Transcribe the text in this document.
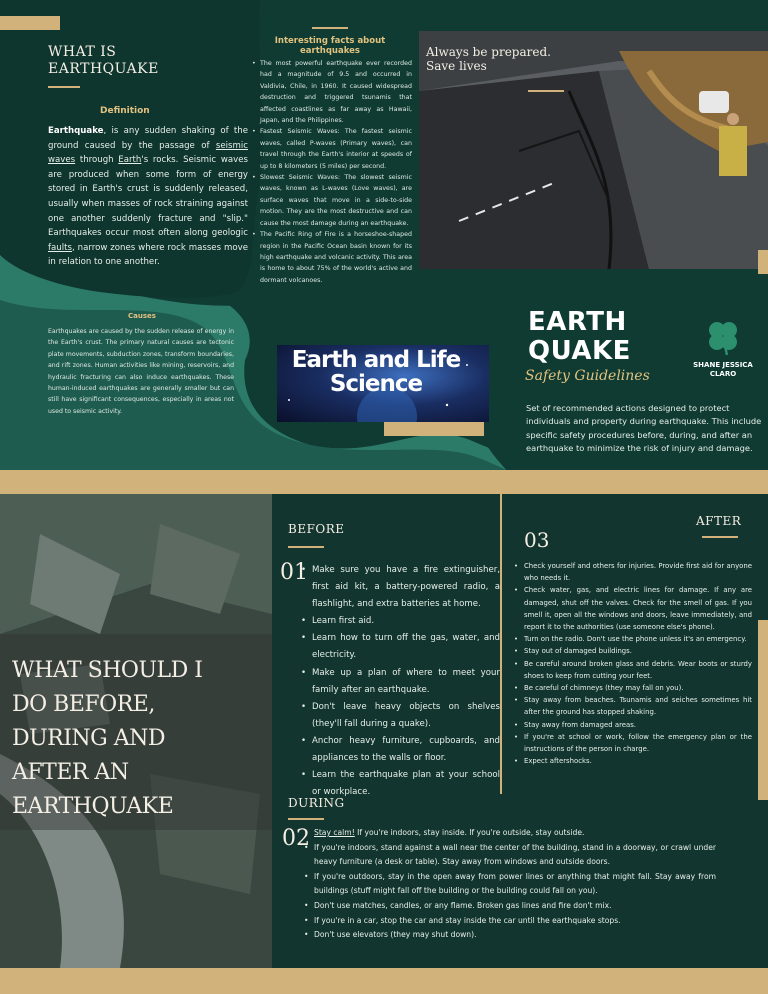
WHAT IS EARTHQUAKE
Definition
Earthquake, is any sudden shaking of the ground caused by the passage of seismic waves through Earth's rocks. Seismic waves are produced when some form of energy stored in Earth's crust is suddenly released, usually when masses of rock straining against one another suddenly fracture and "slip." Earthquakes occur most often along geologic faults, narrow zones where rock masses move in relation to one another.
Causes
Earthquakes are caused by the sudden release of energy in the Earth's crust. The primary natural causes are tectonic plate movements, subduction zones, transform boundaries, and rift zones. Human activities like mining, reservoirs, and hydraulic fracturing can also induce earthquakes. These human-induced earthquakes are generally smaller but can still have significant consequences, especially in areas not used to seismic activity.
Interesting facts about earthquakes
• The most powerful earthquake ever recorded had a magnitude of 9.5 and occurred in Valdivia, Chile, in 1960. It caused widespread destruction and triggered tsunamis that affected coastlines as far away as Hawaii, Japan, and the Philippines.
• Fastest Seismic Waves: The fastest seismic waves, called P-waves (Primary waves), can travel through the Earth's interior at speeds of up to 8 kilometers (5 miles) per second.
• Slowest Seismic Waves: The slowest seismic waves, known as L-waves (Love waves), are surface waves that move in a side-to-side motion. They are the most destructive and can cause the most damage during an earthquake.
• The Pacific Ring of Fire is a horseshoe-shaped region in the Pacific Ocean basin known for its high earthquake and volcanic activity. This area is home to about 75% of the world's active and dormant volcanoes.
Earth and Life Science
Always be prepared. Save lives
EARTH
QUAKE
Safety Guidelines
Set of recommended actions designed to protect individuals and property during earthquake. This include specific safety procedures before, during, and after an earthquake to minimize the risk of injury and damage.
SHANE JESSICA CLARO
WHAT SHOULD I DO BEFORE, DURING AND AFTER AN EARTHQUAKE
BEFORE
01 • Make sure you have a fire extinguisher, first aid kit, a battery-powered radio, a flashlight, and extra batteries at home.
• Learn first aid.
• Learn how to turn off the gas, water, and electricity.
• Make up a plan of where to meet your family after an earthquake.
• Don't leave heavy objects on shelves (they'll fall during a quake).
• Anchor heavy furniture, cupboards, and appliances to the walls or floor.
• Learn the earthquake plan at your school or workplace.
AFTER
03
• Check yourself and others for injuries. Provide first aid for anyone who needs it.
• Check water, gas, and electric lines for damage. If any are damaged, shut off the valves. Check for the smell of gas. If you smell it, open all the windows and doors, leave immediately, and report it to the authorities (use someone else's phone).
• Turn on the radio. Don't use the phone unless it's an emergency.
• Stay out of damaged buildings.
• Be careful around broken glass and debris. Wear boots or sturdy shoes to keep from cutting your feet.
• Be careful of chimneys (they may fall on you).
• Stay away from beaches. Tsunamis and seiches sometimes hit after the ground has stopped shaking.
• Stay away from damaged areas.
• If you're at school or work, follow the emergency plan or the instructions of the person in charge.
• Expect aftershocks.
DURING
02 • Stay calm! If you're indoors, stay inside. If you're outside, stay outside.
• If you're indoors, stand against a wall near the center of the building, stand in a doorway, or crawl under heavy furniture (a desk or table). Stay away from windows and outside doors.
• If you're outdoors, stay in the open away from power lines or anything that might fall. Stay away from buildings (stuff might fall off the building or the building could fall on you).
• Don't use matches, candles, or any flame. Broken gas lines and fire don't mix.
• If you're in a car, stop the car and stay inside the car until the earthquake stops.
• Don't use elevators (they may shut down).
